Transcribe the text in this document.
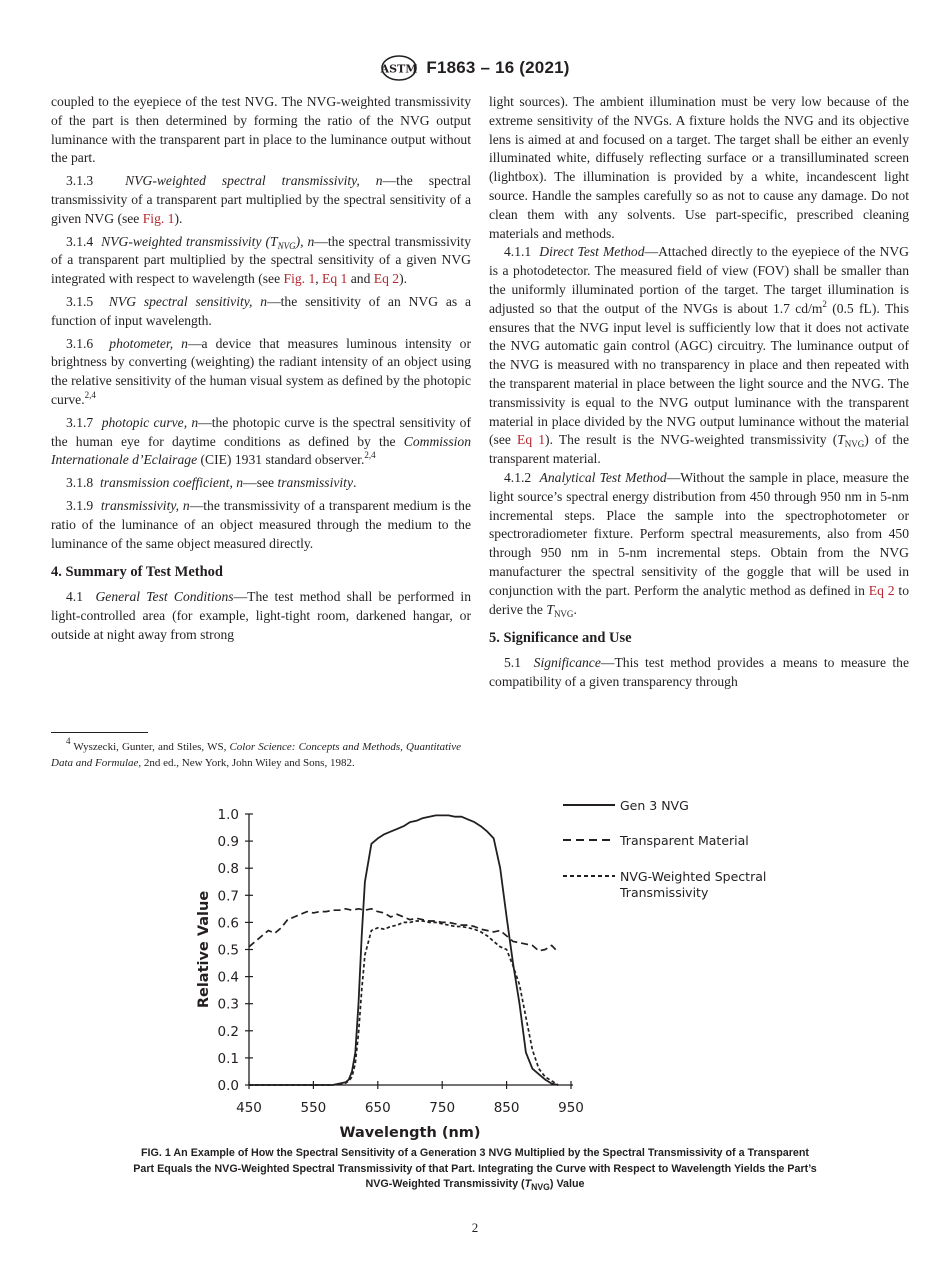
ASTM F1863 – 16 (2021)

coupled to the eyepiece of the test NVG. The NVG-weighted transmissivity of the part is then determined by forming the ratio of the NVG output luminance with the transparent part in place to the luminance output without the part.

3.1.3 NVG-weighted spectral transmissivity, n—the spectral transmissivity of a transparent part multiplied by the spectral sensitivity of a given NVG (see Fig. 1).

3.1.4 NVG-weighted transmissivity $(T_{NVG})$, n—the spectral transmissivity of a transparent part multiplied by the spectral sensitivity of a given NVG integrated with respect to wavelength (see Fig. 1, Eq 1 and Eq 2).

3.1.5 NVG spectral sensitivity, n—the sensitivity of an NVG as a function of input wavelength.

3.1.6 photometer, n—a device that measures luminous intensity or brightness by converting (weighting) the radiant intensity of an object using the relative sensitivity of the human visual system as defined by the photopic curve.$^{2,4}$

3.1.7 photopic curve, n—the photopic curve is the spectral sensitivity of the human eye for daytime conditions as defined by the Commission Internationale d’Eclairage (CIE) 1931 standard observer.$^{2,4}$

3.1.8 transmission coefficient, n—see transmissivity.

3.1.9 transmissivity, n—the transmissivity of a transparent medium is the ratio of the luminance of an object measured through the medium to the luminance of the same object measured directly.

4. Summary of Test Method

4.1 General Test Conditions—The test method shall be performed in light-controlled area (for example, light-tight room, darkened hangar, or outside at night away from strong

$^4$ Wyszecki, Gunter, and Stiles, WS, Color Science: Concepts and Methods, Quantitative Data and Formulae, 2nd ed., New York, John Wiley and Sons, 1982.

light sources). The ambient illumination must be very low because of the extreme sensitivity of the NVGs. A fixture holds the NVG and its objective lens is aimed at and focused on a target. The target shall be either an evenly illuminated white, diffusely reflecting surface or a transilluminated screen (lightbox). The illumination is provided by a white, incandescent light source. Handle the samples carefully so as not to cause any damage. Do not clean them with any solvents. Use part-specific, prescribed cleaning materials and methods.

4.1.1 Direct Test Method—Attached directly to the eyepiece of the NVG is a photodetector. The measured field of view (FOV) shall be smaller than the uniformly illuminated portion of the target. The target illumination is adjusted so that the output of the NVGs is about 1.7 $cd/m^2$ (0.5 fL). This ensures that the NVG input level is sufficiently low that it does not activate the NVG automatic gain control (AGC) circuitry. The luminance output of the NVG is measured with no transparency in place and then repeated with the transparent material in place between the light source and the NVG. The transmissivity is equal to the NVG output luminance with the transparent material in place divided by the NVG output luminance without the material (see Eq 1). The result is the NVG-weighted transmissivity $(T_{NVG})$ of the transparent material.

4.1.2 Analytical Test Method—Without the sample in place, measure the light source’s spectral energy distribution from 450 through 950 nm in 5-nm incremental steps. Place the sample into the spectrophotometer or spectroradiometer fixture. Perform spectral measurements, also from 450 through 950 nm in 5-nm incremental steps. Obtain from the NVG manufacturer the spectral sensitivity of the goggle that will be used in conjunction with the part. Perform the analytic method as defined in Eq 2 to derive the $T_{NVG}$.

5. Significance and Use

5.1 Significance—This test method provides a means to measure the compatibility of a given transparency through

0.0
0.1
0.2
0.3
0.4
0.5
0.6
0.7
0.8
0.9
1.0
450	550	650	750	850	950
Wavelength (nm)
Relative Value
Gen 3 NVG
Transparent Material
NVG-Weighted Spectral
Transmissivity
FIG. 1 An Example of How the Spectral Sensitivity of a Generation 3 NVG Multiplied by the Spectral Transmissivity of a Transparent
Part Equals the NVG-Weighted Spectral Transmissivity of that Part. Integrating the Curve with Respect to Wavelength Yields the Part’s
NVG-Weighted Transmissivity $(T_{NVG})$ Value
2
